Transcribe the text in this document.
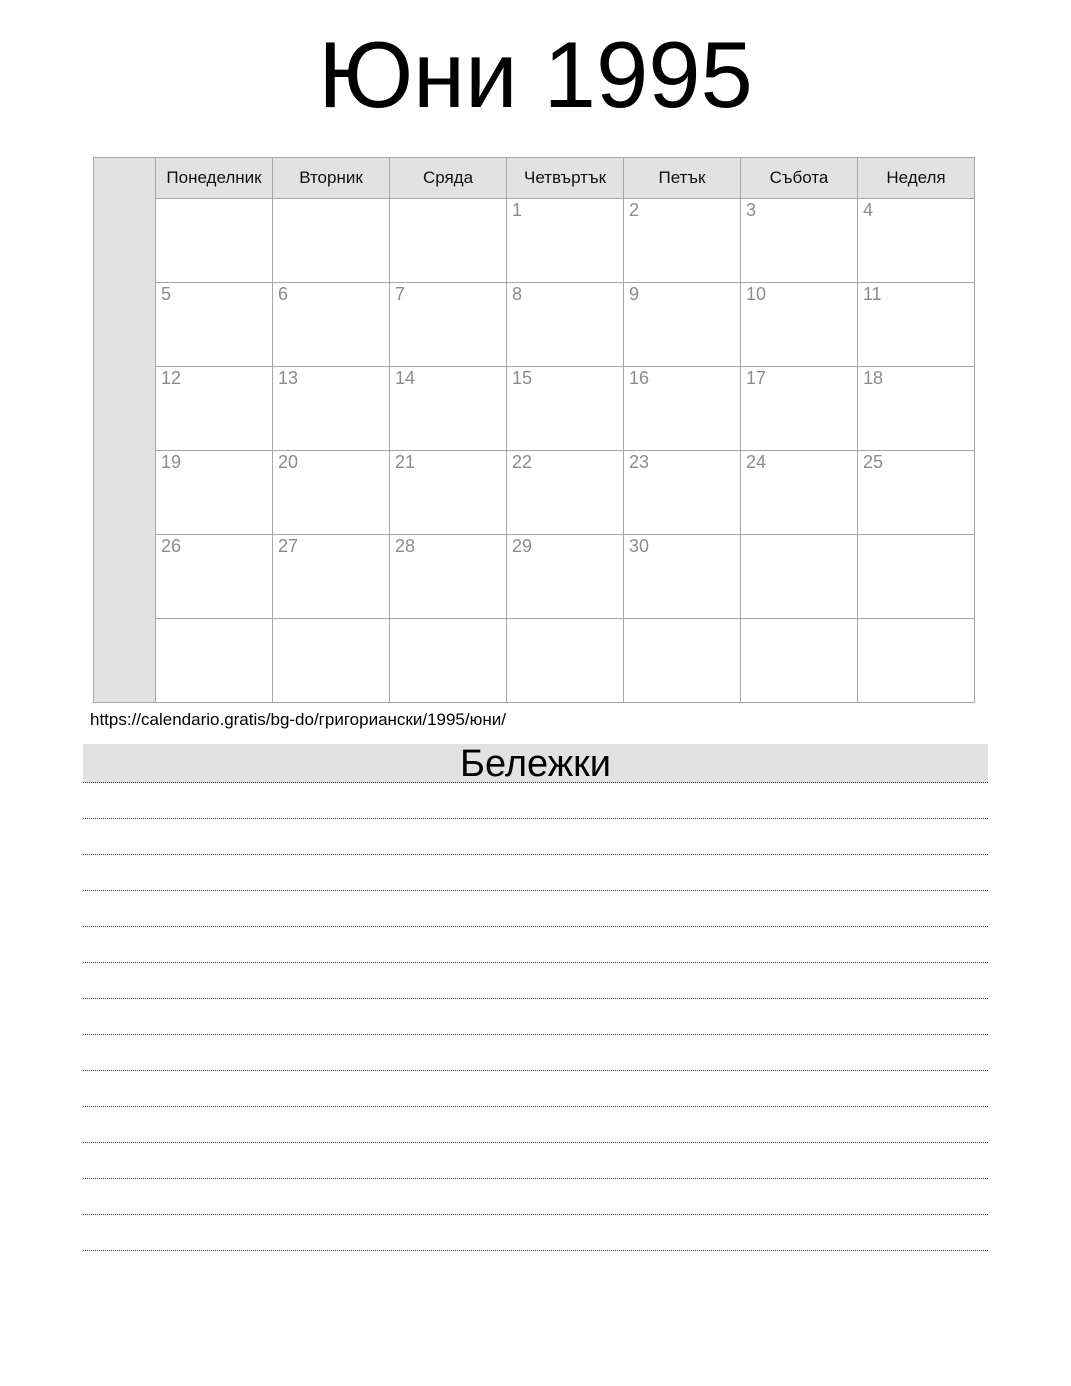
Юни 1995
	Понеделник	Вторник	Сряда	Четвъртък	Петък	Събота	Неделя
				1	2	3	4
	5	6	7	8	9	10	11
	12	13	14	15	16	17	18
	19	20	21	22	23	24	25
	26	27	28	29	30		

https://calendario.gratis/bg-do/григориански/1995/юни/
Бележки
